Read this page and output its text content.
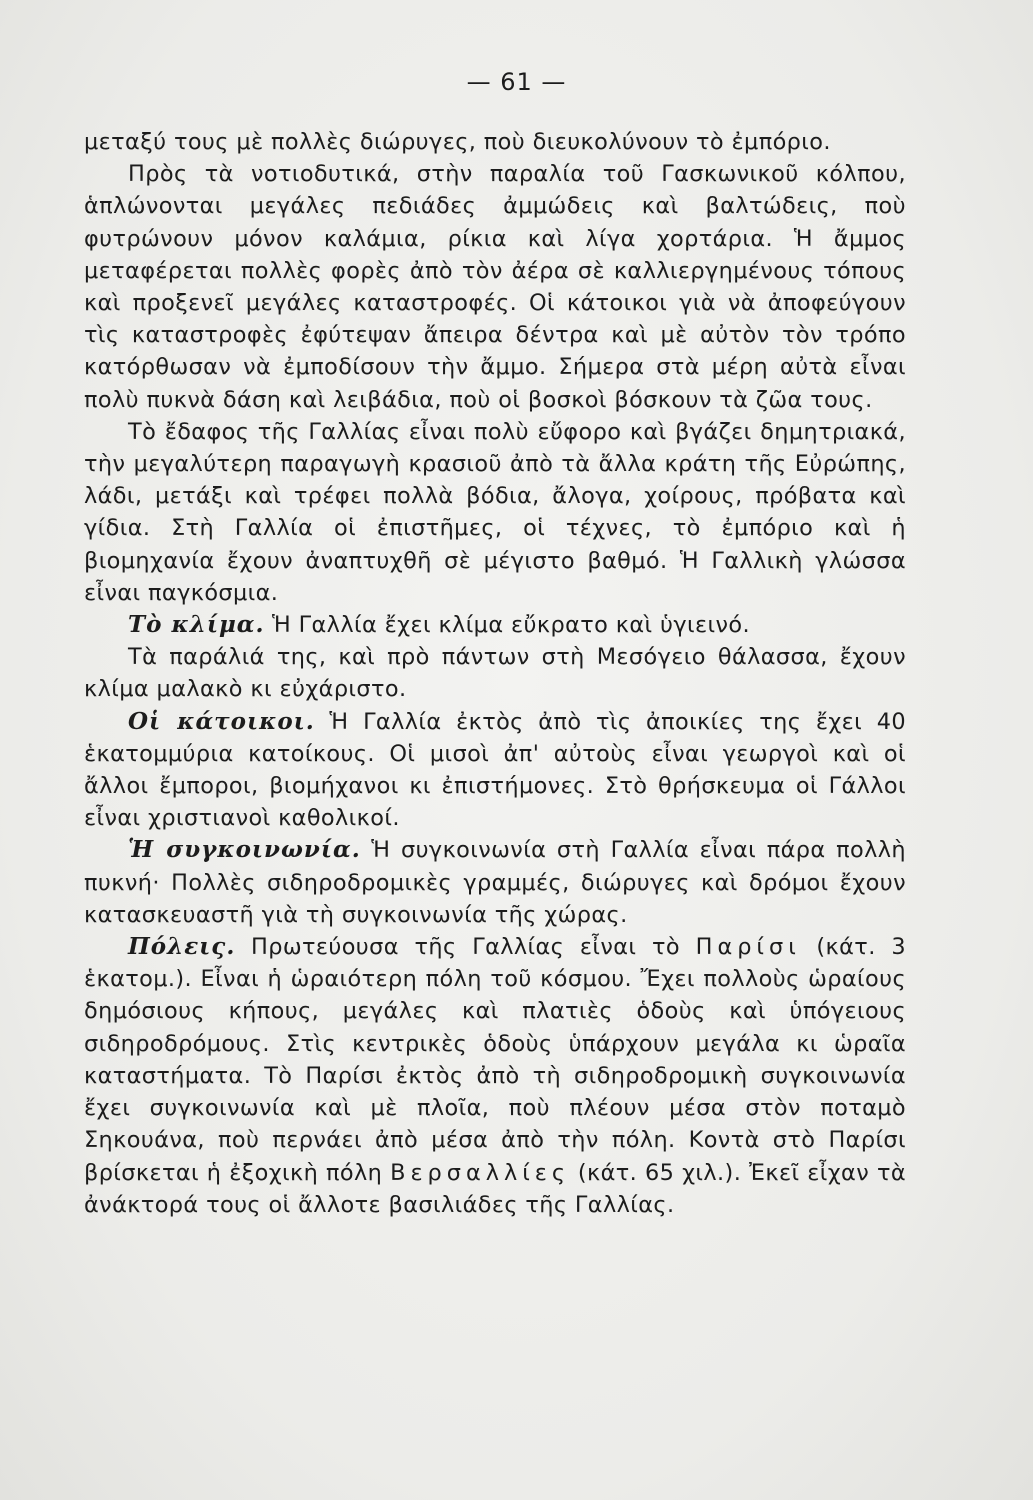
— 61 —

μεταξύ τους μὲ πολλὲς διώρυγες, ποὺ διευκολύνουν τὸ ἐμπόριο.

Πρὸς τὰ νοτιοδυτικά, στὴν παραλία τοῦ Γασκωνικοῦ κόλπου, ἁπλώνονται μεγάλες πεδιάδες ἀμμώδεις καὶ βαλτώδεις, ποὺ φυτρώνουν μόνον καλάμια, ρίκια καὶ λίγα χορτάρια. Ἡ ἄμμος μεταφέρεται πολλὲς φορὲς ἀπὸ τὸν ἀέρα σὲ καλλιεργημένους τόπους καὶ προξενεῖ μεγάλες καταστροφές. Οἱ κάτοικοι γιὰ νὰ ἀποφεύγουν τὶς καταστροφὲς ἐφύτεψαν ἄπειρα δέντρα καὶ μὲ αὐτὸν τὸν τρόπο κατόρθωσαν νὰ ἐμποδίσουν τὴν ἄμμο. Σήμερα στὰ μέρη αὐτὰ εἶναι πολὺ πυκνὰ δάση καὶ λειβάδια, ποὺ οἱ βοσκοὶ βόσκουν τὰ ζῶα τους.

Τὸ ἔδαφος τῆς Γαλλίας εἶναι πολὺ εὔφορο καὶ βγάζει δημητριακά, τὴν μεγαλύτερη παραγωγὴ κρασιοῦ ἀπὸ τὰ ἄλλα κράτη τῆς Εὐρώπης, λάδι, μετάξι καὶ τρέφει πολλὰ βόδια, ἄλογα, χοίρους, πρόβατα καὶ γίδια. Στὴ Γαλλία οἱ ἐπιστῆμες, οἱ τέχνες, τὸ ἐμπόριο καὶ ἡ βιομηχανία ἔχουν ἀναπτυχθῆ σὲ μέγιστο βαθμό. Ἡ Γαλλικὴ γλώσσα εἶναι παγκόσμια.

Τὸ κλίμα. Ἡ Γαλλία ἔχει κλίμα εὔκρατο καὶ ὑγιεινό.

Τὰ παράλιά της, καὶ πρὸ πάντων στὴ Μεσόγειο θάλασσα, ἔχουν κλίμα μαλακὸ κι εὐχάριστο.

Οἱ κάτοικοι. Ἡ Γαλλία ἐκτὸς ἀπὸ τὶς ἀποικίες της ἔχει 40 ἑκατομμύρια κατοίκους. Οἱ μισοὶ ἀπ' αὐτοὺς εἶναι γεωργοὶ καὶ οἱ ἄλλοι ἔμποροι, βιομήχανοι κι ἐπιστήμονες. Στὸ θρήσκευμα οἱ Γάλλοι εἶναι χριστιανοὶ καθολικοί.

Ἡ συγκοινωνία. Ἡ συγκοινωνία στὴ Γαλλία εἶναι πάρα πολλὴ πυκνή· Πολλὲς σιδηροδρομικὲς γραμμές, διώρυγες καὶ δρόμοι ἔχουν κατασκευαστῆ γιὰ τὴ συγκοινωνία τῆς χώρας.

Πόλεις. Πρωτεύουσα τῆς Γαλλίας εἶναι τὸ Παρίσι (κάτ. 3 ἑκατομ.). Εἶναι ἡ ὡραιότερη πόλη τοῦ κόσμου. Ἔχει πολλοὺς ὡραίους δημόσιους κήπους, μεγάλες καὶ πλατιὲς ὁδοὺς καὶ ὑπόγειους σιδηροδρόμους. Στὶς κεντρικὲς ὁδοὺς ὑπάρχουν μεγάλα κι ὡραῖα καταστήματα. Τὸ Παρίσι ἐκτὸς ἀπὸ τὴ σιδηροδρομικὴ συγκοινωνία ἔχει συγκοινωνία καὶ μὲ πλοῖα, ποὺ πλέουν μέσα στὸν ποταμὸ Σηκουάνα, ποὺ περνάει ἀπὸ μέσα ἀπὸ τὴν πόλη. Κοντὰ στὸ Παρίσι βρίσκεται ἡ ἐξοχικὴ πόλη Βερσαλλίες (κάτ. 65 χιλ.). Ἐκεῖ εἶχαν τὰ ἀνάκτορά τους οἱ ἄλλοτε βασιλιάδες τῆς Γαλλίας.
